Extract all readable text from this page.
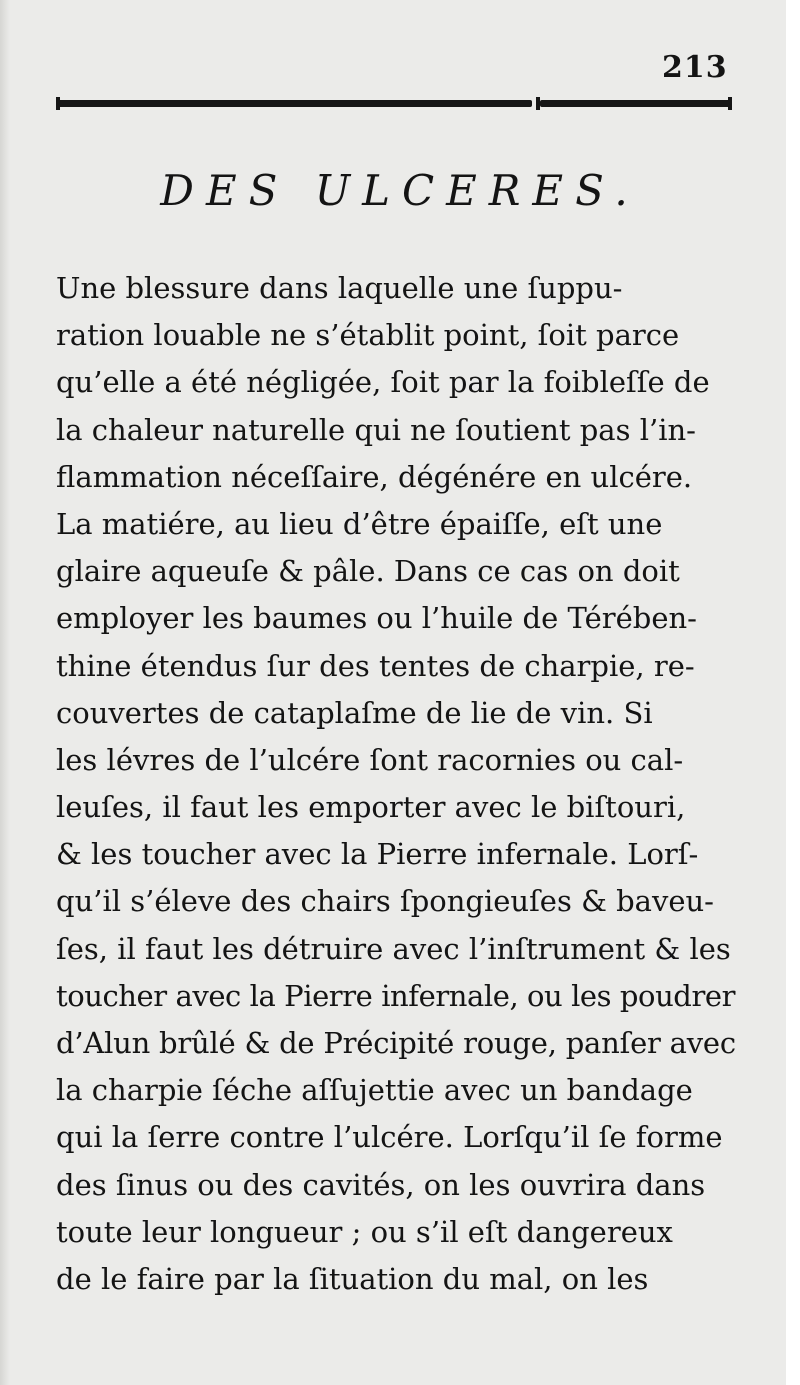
213
DES ULCERES.
Une blessure dans laquelle une ſuppu-
ration louable ne s’établit point, ſoit parce
qu’elle a été négligée, ſoit par la foibleſſe de
la chaleur naturelle qui ne ſoutient pas l’in-
flammation néceſſaire, dégénére en ulcére.
La matiére, au lieu d’être épaiſſe, eſt une
glaire aqueuſe & pâle. Dans ce cas on doit
employer les baumes ou l’huile de Térében-
thine étendus ſur des tentes de charpie, re-
couvertes de cataplaſme de lie de vin. Si
les lévres de l’ulcére ſont racornies ou cal-
leuſes, il faut les emporter avec le biſtouri,
& les toucher avec la Pierre infernale. Lorſ-
qu’il s’éleve des chairs ſpongieuſes & baveu-
ſes, il faut les détruire avec l’inſtrument & les
toucher avec la Pierre infernale, ou les poudrer
d’Alun brûlé & de Précipité rouge, panſer avec
la charpie ſéche aſſujettie avec un bandage
qui la ſerre contre l’ulcére. Lorſqu’il ſe forme
des ſinus ou des cavités, on les ouvrira dans
toute leur longueur ; ou s’il eſt dangereux
de le faire par la ſituation du mal, on les
